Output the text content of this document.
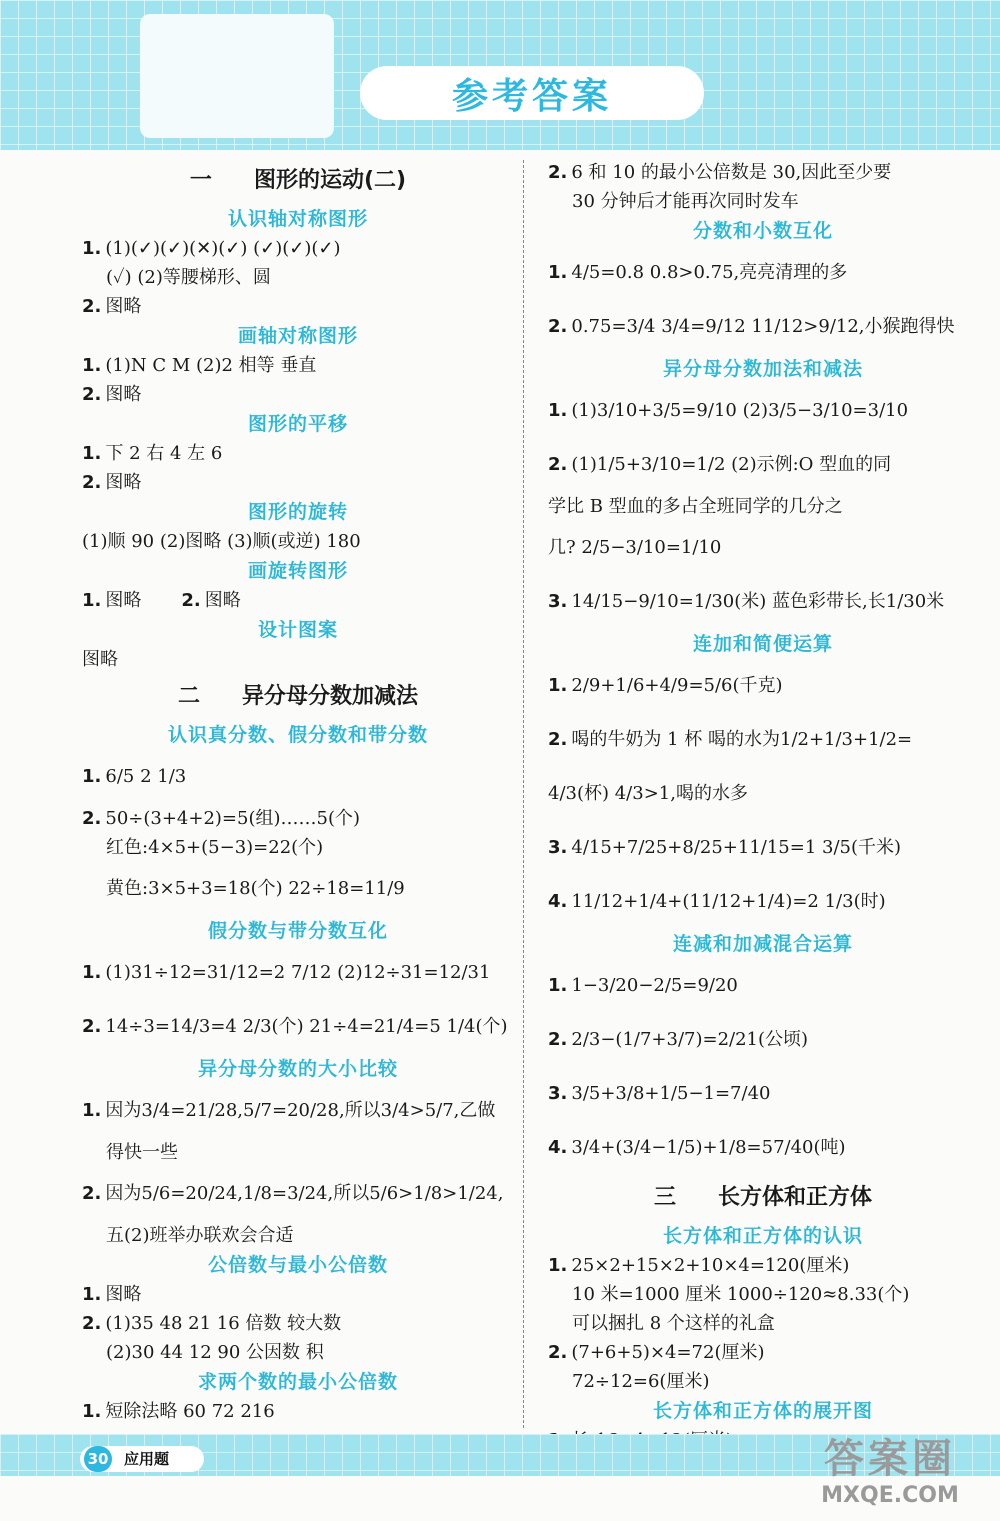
参考答案
一 图形的运动(二)
认识轴对称图形
1. (1)(✓)(✓)(✕)(✓) (✓)(✓)(✓)
(✓) (2)等腰梯形、圆
2. 图略
画轴对称图形
1. (1)N C M (2)2 相等 垂直
2. 图略
图形的平移
1. 下 2 右 4 左 6
2. 图略
图形的旋转
(1)顺 90 (2)图略 (3)顺(或逆) 180
画旋转图形
1. 图略 2. 图略
设计图案
图略
二 异分母分数加减法
认识真分数、假分数和带分数
1. 6/5 2 1/3
2. 50÷(3+4+2)=5(组)……5(个)
红色:4×5+(5−3)=22(个)
黄色:3×5+3=18(个) 22÷18=11/9
假分数与带分数互化
1. (1)31÷12=31/12=2 7/12 (2)12÷31=12/31
2. 14÷3=14/3=4 2/3(个) 21÷4=21/4=5 1/4(个)
异分母分数的大小比较
1. 因为3/4=21/28,5/7=20/28,所以3/4>5/7,乙做
得快一些
2. 因为5/6=20/24,1/8=3/24,所以5/6>1/8>1/24,
五(2)班举办联欢会合适
公倍数与最小公倍数
1. 图略
2. (1)35 48 21 16 倍数 较大数
(2)30 44 12 90 公因数 积
求两个数的最小公倍数
1. 短除法略 60 72 216
2. 6 和 10 的最小公倍数是 30,因此至少要
30 分钟后才能再次同时发车
分数和小数互化
1. 4/5=0.8 0.8>0.75,亮亮清理的多
2. 0.75=3/4 3/4=9/12 11/12>9/12,小猴跑得快
异分母分数加法和减法
1. (1)3/10+3/5=9/10 (2)3/5−3/10=3/10
2. (1)1/5+3/10=1/2 (2)示例:O 型血的同
学比 B 型血的多占全班同学的几分之
几? 2/5−3/10=1/10
3. 14/15−9/10=1/30(米) 蓝色彩带长,长1/30米
连加和简便运算
1. 2/9+1/6+4/9=5/6(千克)
2. 喝的牛奶为 1 杯 喝的水为1/2+1/3+1/2=
4/3(杯) 4/3>1,喝的水多
3. 4/15+7/25+8/25+11/15=1 3/5(千米)
4. 11/12+1/4+(11/12+1/4)=2 1/3(时)
连减和加减混合运算
1. 1−3/20−2/5=9/20
2. 2/3−(1/7+3/7)=2/21(公顷)
3. 3/5+3/8+1/5−1=7/40
4. 3/4+(3/4−1/5)+1/8=57/40(吨)
三 长方体和正方体
长方体和正方体的认识
1. 25×2+15×2+10×4=120(厘米)
10 米=1000 厘米 1000÷120≈8.33(个)
可以捆扎 8 个这样的礼盒
2. (7+6+5)×4=72(厘米)
72÷12=6(厘米)
长方体和正方体的展开图
30 应用题	答案圈
MXQE.COM
